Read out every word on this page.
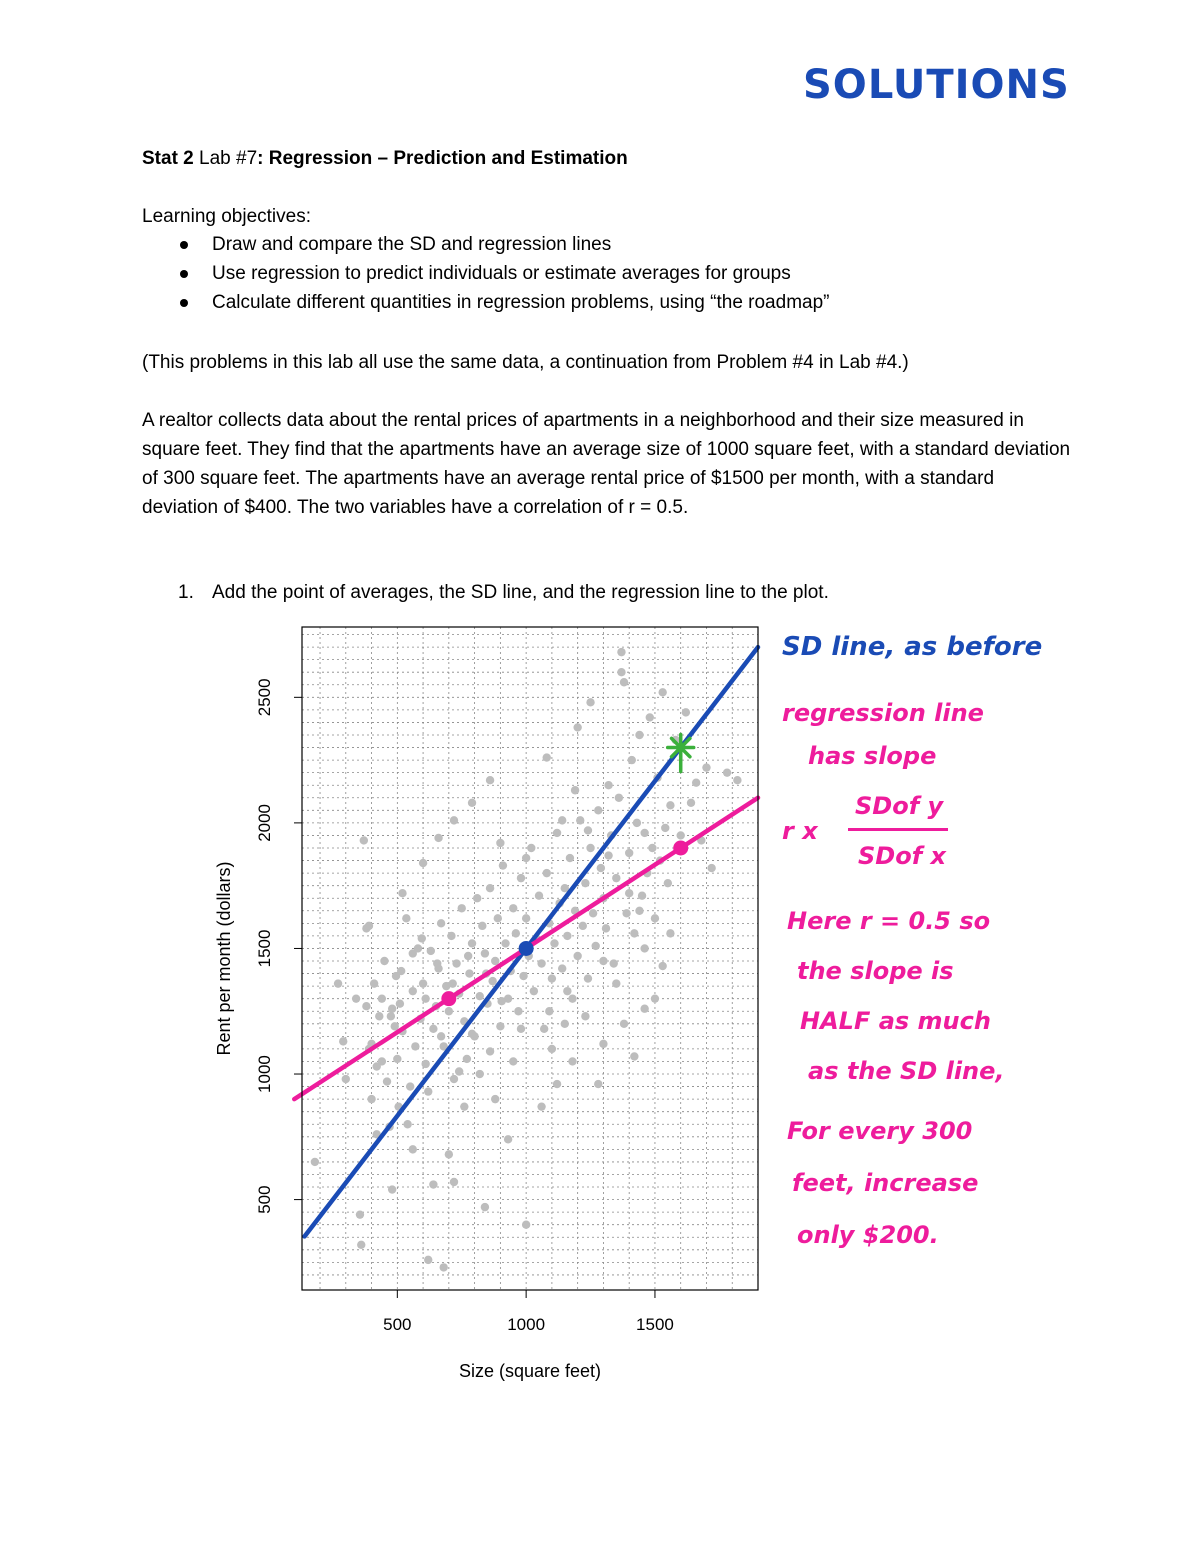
SOLUTIONS
Stat 2 Lab #7: Regression – Prediction and Estimation
Learning objectives:
Draw and compare the SD and regression lines
Use regression to predict individuals or estimate averages for groups
Calculate different quantities in regression problems, using “the roadmap”
(This problems in this lab all use the same data, a continuation from Problem #4 in Lab #4.)
A realtor collects data about the rental prices of apartments in a neighborhood and their size measured in square feet. They find that the apartments have an average size of 1000 square feet, with a standard deviation of 300 square feet. The apartments have an average rental price of $1500 per month, with a standard deviation of $400. The two variables have a correlation of r = 0.5.
1. Add the point of averages, the SD line, and the regression line to the plot.
500	1000	1500
500
1000
1500
2000
2500
Size (square feet)
Rent per month (dollars)
SD line, as before
regression line
has slope
r x
SDof y
SDof x
Here r = 0.5 so
the slope is
HALF as much
as the SD line,
For every 300
feet, increase
only $200.
